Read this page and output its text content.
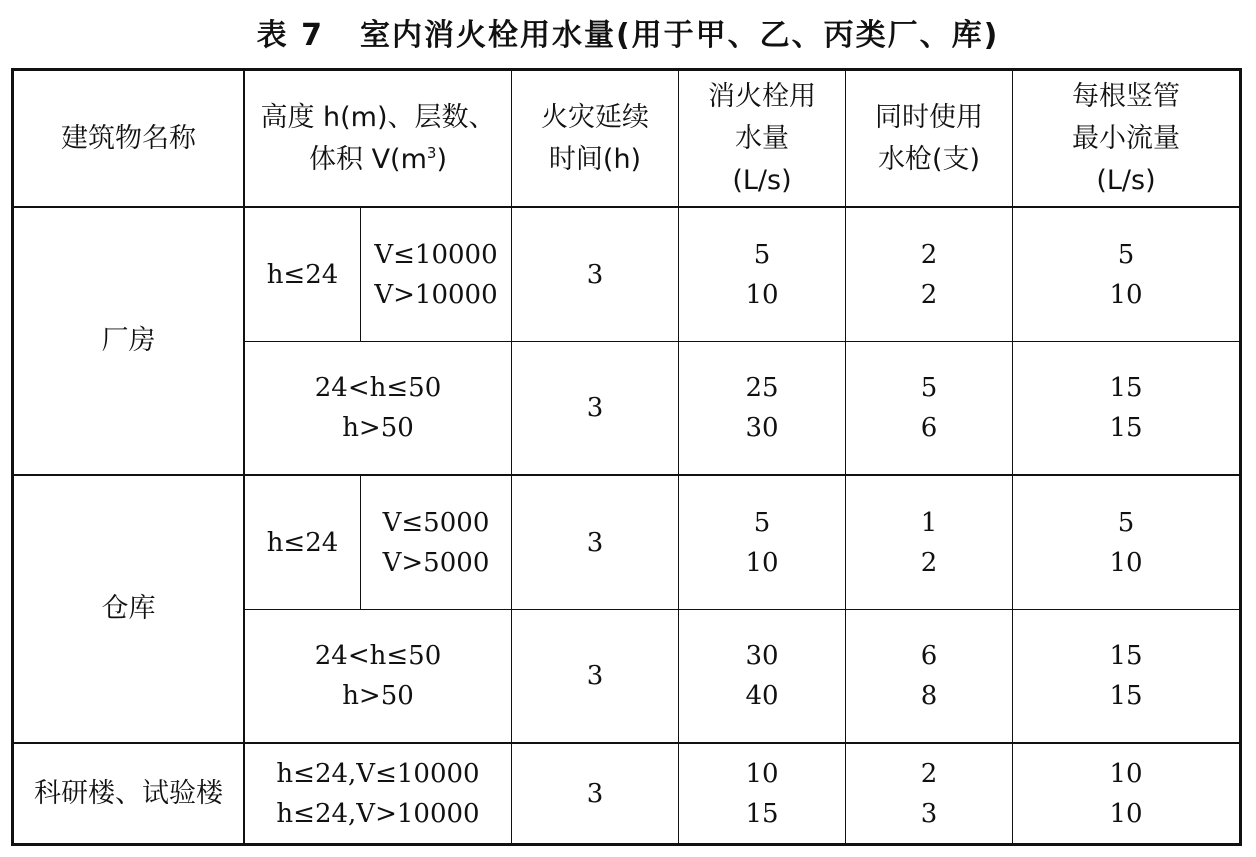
表 7 室内消火栓用水量(用于甲、乙、丙类厂、库)
建筑物名称
高度 h(m)、层数、
体积 $V(m^3)$
火灾延续
时间(h)
消火栓用
水量
(L/s)
同时使用
水枪(支)
每根竖管
最小流量
(L/s)
厂房
h≤24
V≤10000
V>10000
3
5
10
2
2
5
10
24<h≤50
h>50
3
25
30
5
6
15
15
仓库
h≤24
V≤5000
V>5000
3
5
10
1
2
5
10
24<h≤50
h>50
3
30
40
6
8
15
15
科研楼、试验楼
h≤24,V≤10000
h≤24,V>10000
3
10
15
2
3
10
10
